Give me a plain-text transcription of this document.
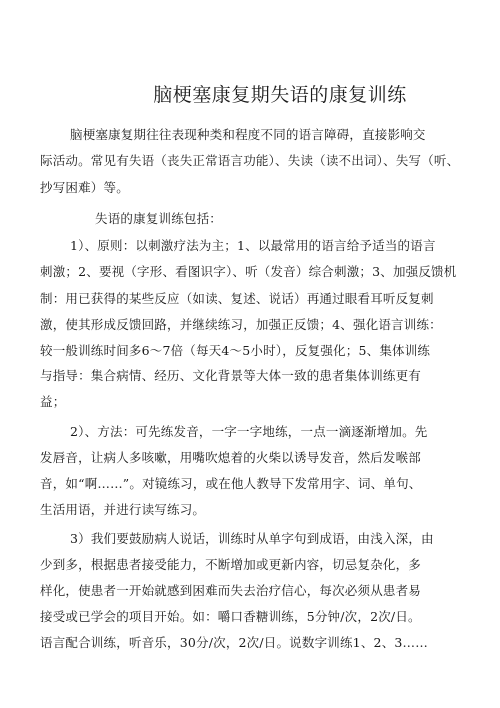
脑梗塞康复期失语的康复训练
脑梗塞康复期往往表现种类和程度不同的语言障碍，直接影响交
际活动。常见有失语（丧失正常语言功能）、失读（读不出词）、失写（听、
抄写困难）等。
失语的康复训练包括：
1）、原则：以刺激疗法为主；1、以最常用的语言给予适当的语言
刺激；2、要视（字形、看图识字）、听（发音）综合刺激；3、加强反馈机
制：用已获得的某些反应（如读、复述、说话）再通过眼看耳听反复刺
激，使其形成反馈回路，并继续练习，加强正反馈；4、强化语言训练：
较一般训练时间多6～7倍（每天4～5小时），反复强化；5、集体训练
与指导：集合病情、经历、文化背景等大体一致的患者集体训练更有
益；
2）、方法：可先练发音，一字一字地练，一点一滴逐渐增加。先
发唇音，让病人多咳嗽，用嘴吹熄着的火柴以诱导发音，然后发喉部
音，如“啊……”。对镜练习，或在他人教导下发常用字、词、单句、
生活用语，并进行读写练习。
3）我们要鼓励病人说话，训练时从单字句到成语，由浅入深，由
少到多，根据患者接受能力，不断增加或更新内容，切忌复杂化，多
样化，使患者一开始就感到困难而失去治疗信心，每次必须从患者易
接受或已学会的项目开始。如：嚼口香糖训练，5分钟/次，2次/日。
语言配合训练，听音乐，30分/次，2次/日。说数字训练1、2、3……
